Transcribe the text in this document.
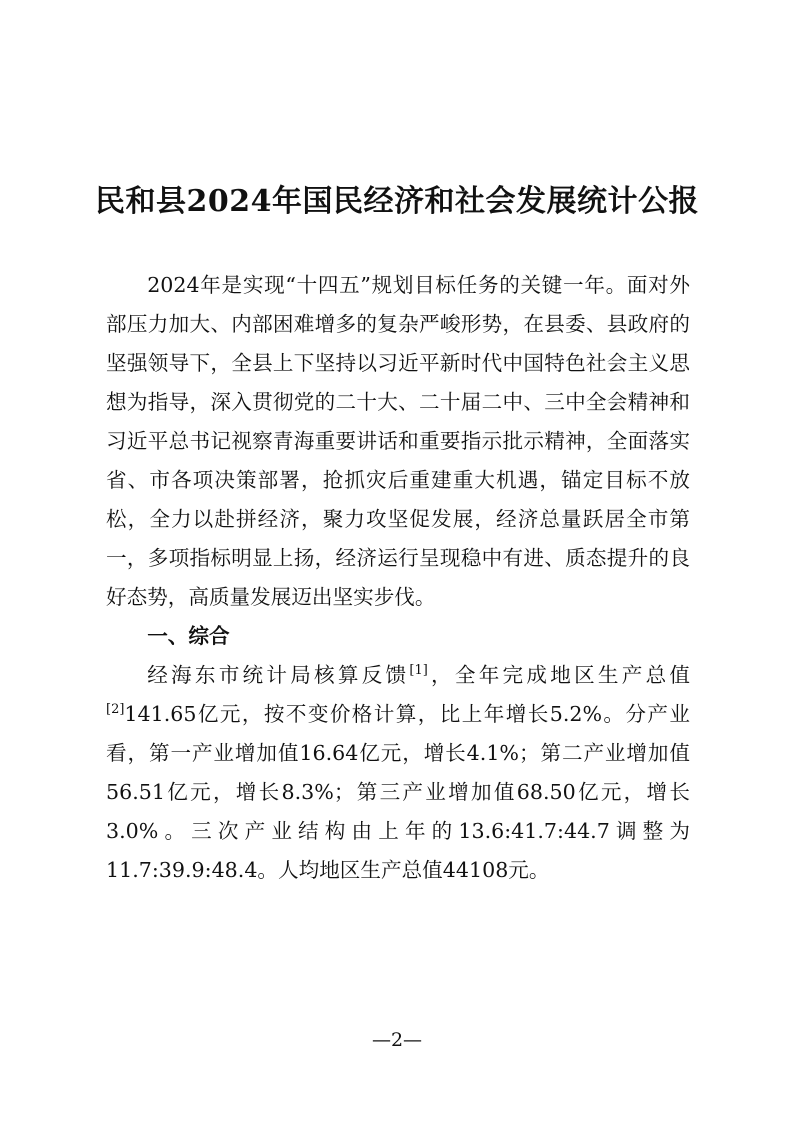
民和县2024年国民经济和社会发展统计公报

2024年是实现“十四五”规划目标任务的关键一年。面对外部压力加大、内部困难增多的复杂严峻形势，在县委、县政府的坚强领导下，全县上下坚持以习近平新时代中国特色社会主义思想为指导，深入贯彻党的二十大、二十届二中、三中全会精神和习近平总书记视察青海重要讲话和重要指示批示精神，全面落实省、市各项决策部署，抢抓灾后重建重大机遇，锚定目标不放松，全力以赴拼经济，聚力攻坚促发展，经济总量跃居全市第一，多项指标明显上扬，经济运行呈现稳中有进、质态提升的良好态势，高质量发展迈出坚实步伐。

一、综合

经海东市统计局核算反馈[1]，全年完成地区生产总值[2]141.65亿元，按不变价格计算，比上年增长5.2%。分产业看，第一产业增加值16.64亿元，增长4.1%；第二产业增加值56.51亿元，增长8.3%；第三产业增加值68.50亿元，增长3.0%。三次产业结构由上年的13.6:41.7:44.7调整为11.7:39.9:48.4。人均地区生产总值44108元。

—2—
